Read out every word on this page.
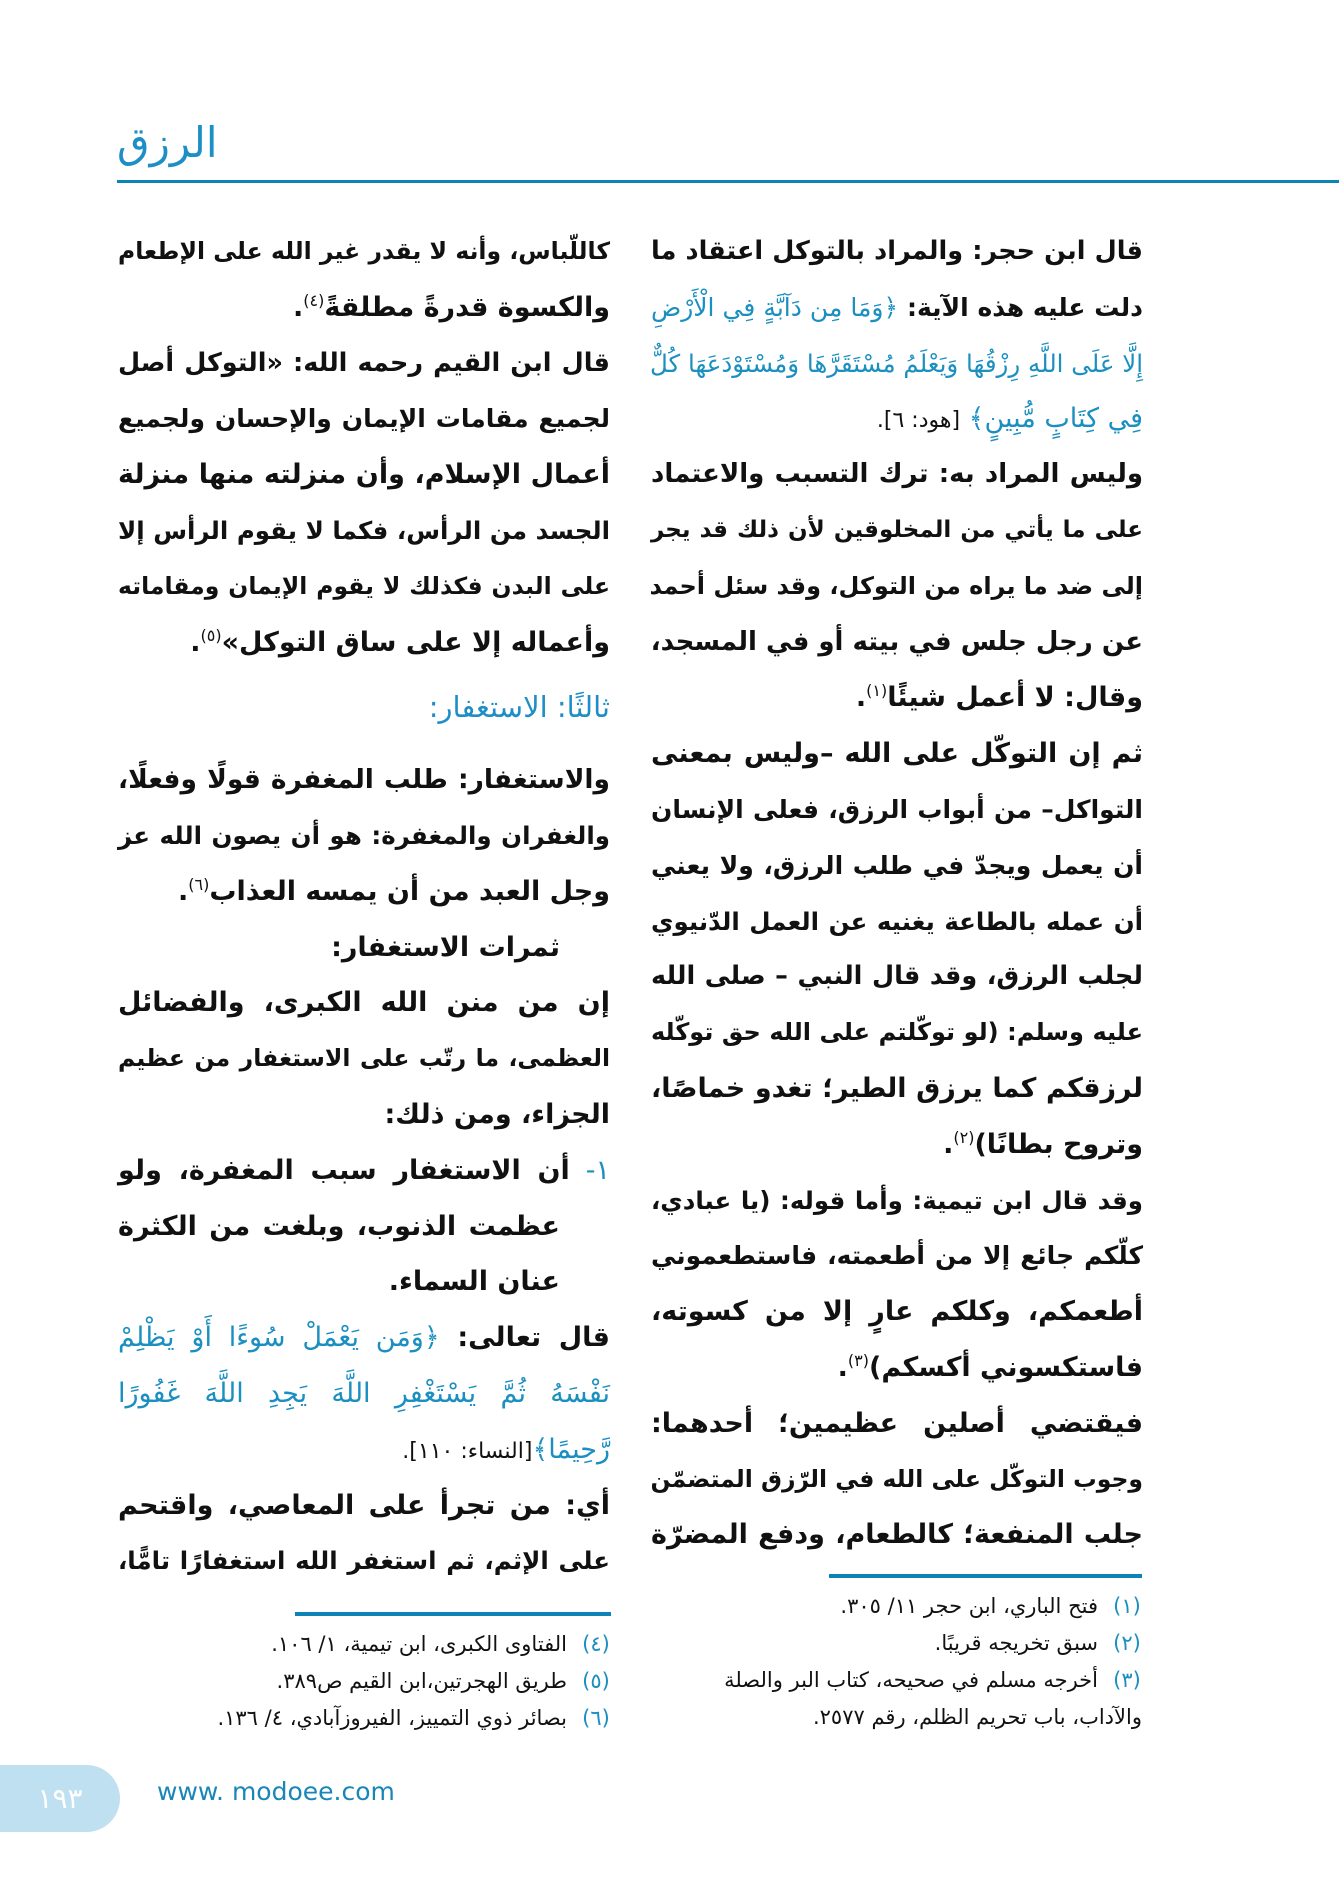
الرزق
قال ابن حجر: والمراد بالتوكل اعتقاد ما
دلت عليه هذه الآية: ﴿وَمَا مِن دَآبَّةٍ فِي الْأَرْضِ
إِلَّا عَلَى اللَّهِ رِزْقُهَا وَيَعْلَمُ مُسْتَقَرَّهَا وَمُسْتَوْدَعَهَا كُلٌّ
فِي كِتَابٍ مُّبِينٍ﴾ [هود: ٦].
وليس المراد به: ترك التسبب والاعتماد
على ما يأتي من المخلوقين لأن ذلك قد يجر
إلى ضد ما يراه من التوكل، وقد سئل أحمد
عن رجل جلس في بيته أو في المسجد،
وقال: لا أعمل شيئًا$^{(١)}$.
ثم إن التوكّل على الله –وليس بمعنى
التواكل– من أبواب الرزق، فعلى الإنسان
أن يعمل ويجدّ في طلب الرزق، ولا يعني
أن عمله بالطاعة يغنيه عن العمل الدّنيوي
لجلب الرزق، وقد قال النبي – صلى الله
عليه وسلم: (لو توكّلتم على الله حق توكّله
لرزقكم كما يرزق الطير؛ تغدو خماصًا،
وتروح بطانًا)$^{(٢)}$.
وقد قال ابن تيمية: وأما قوله: (يا عبادي،
كلّكم جائع إلا من أطعمته، فاستطعموني
أطعمكم، وكلكم عارٍ إلا من كسوته،
فاستكسوني أكسكم)$^{(٣)}$.
فيقتضي أصلين عظيمين؛ أحدهما:
وجوب التوكّل على الله في الرّزق المتضمّن
جلب المنفعة؛ كالطعام، ودفع المضرّة
كاللّباس، وأنه لا يقدر غير الله على الإطعام
والكسوة قدرةً مطلقةً$^{(٤)}$.
قال ابن القيم رحمه الله: «التوكل أصل
لجميع مقامات الإيمان والإحسان ولجميع
أعمال الإسلام، وأن منزلته منها منزلة
الجسد من الرأس، فكما لا يقوم الرأس إلا
على البدن فكذلك لا يقوم الإيمان ومقاماته
وأعماله إلا على ساق التوكل»$^{(٥)}$.
ثالثًا: الاستغفار:
والاستغفار: طلب المغفرة قولًا وفعلًا،
والغفران والمغفرة: هو أن يصون الله عز
وجل العبد من أن يمسه العذاب$^{(٦)}$.
ثمرات الاستغفار:
إن من منن الله الكبرى، والفضائل
العظمى، ما رتّب على الاستغفار من عظيم
الجزاء، ومن ذلك:
١- أن الاستغفار سبب المغفرة، ولو
عظمت الذنوب، وبلغت من الكثرة
عنان السماء.
قال تعالى: ﴿وَمَن يَعْمَلْ سُوءًا أَوْ يَظْلِمْ
نَفْسَهُ ثُمَّ يَسْتَغْفِرِ اللَّهَ يَجِدِ اللَّهَ غَفُورًا
رَّحِيمًا﴾[النساء: ١١٠].
أي: من تجرأ على المعاصي، واقتحم
على الإثم، ثم استغفر الله استغفارًا تامًّا،
(١)فتح الباري، ابن حجر ١١/ ٣٠٥.
(٢)سبق تخريجه قريبًا.
(٣)أخرجه مسلم في صحيحه، كتاب البر والصلة
والآداب، باب تحريم الظلم، رقم ٢٥٧٧.
(٤)الفتاوى الكبرى، ابن تيمية، ١/ ١٠٦.
(٥)طريق الهجرتين،ابن القيم ص٣٨٩.
(٦)بصائر ذوي التمييز، الفيروزآبادي، ٤/ ١٣٦.
١٩٣	www. modoee.com
